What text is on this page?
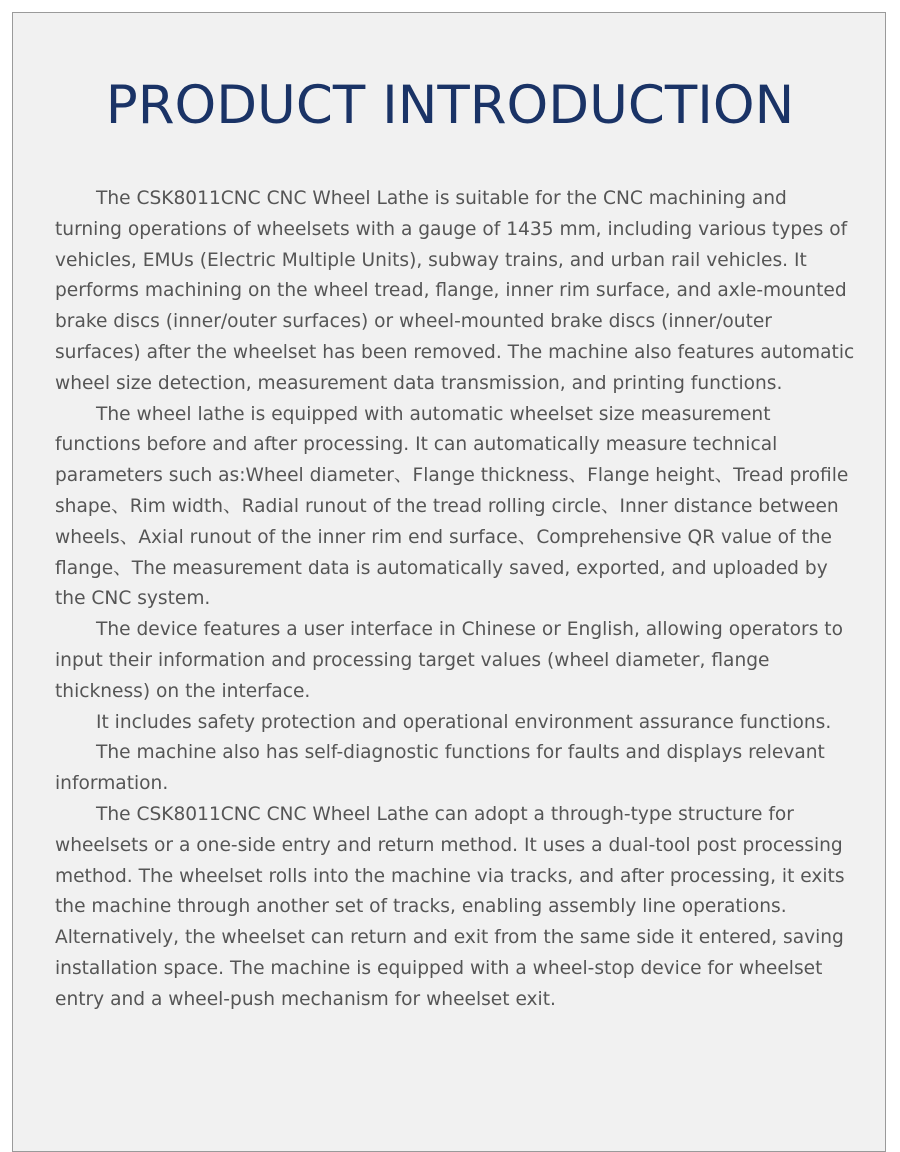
PRODUCT INTRODUCTION

The CSK8011CNC CNC Wheel Lathe is suitable for the CNC machining and turning operations of wheelsets with a gauge of 1435 mm, including various types of vehicles, EMUs (Electric Multiple Units), subway trains, and urban rail vehicles. It performs machining on the wheel tread, flange, inner rim surface, and axle-mounted brake discs (inner/outer surfaces) or wheel-mounted brake discs (inner/outer surfaces) after the wheelset has been removed. The machine also features automatic wheel size detection, measurement data transmission, and printing functions.

The wheel lathe is equipped with automatic wheelset size measurement functions before and after processing. It can automatically measure technical parameters such as:Wheel diameter、Flange thickness、Flange height、Tread profile shape、Rim width、Radial runout of the tread rolling circle、Inner distance between wheels、Axial runout of the inner rim end surface、Comprehensive QR value of the flange、The measurement data is automatically saved, exported, and uploaded by the CNC system.

The device features a user interface in Chinese or English, allowing operators to input their information and processing target values (wheel diameter, flange thickness) on the interface.

It includes safety protection and operational environment assurance functions.

The machine also has self-diagnostic functions for faults and displays relevant information.

The CSK8011CNC CNC Wheel Lathe can adopt a through-type structure for wheelsets or a one-side entry and return method. It uses a dual-tool post processing method. The wheelset rolls into the machine via tracks, and after processing, it exits the machine through another set of tracks, enabling assembly line operations. Alternatively, the wheelset can return and exit from the same side it entered, saving installation space. The machine is equipped with a wheel-stop device for wheelset entry and a wheel-push mechanism for wheelset exit.
